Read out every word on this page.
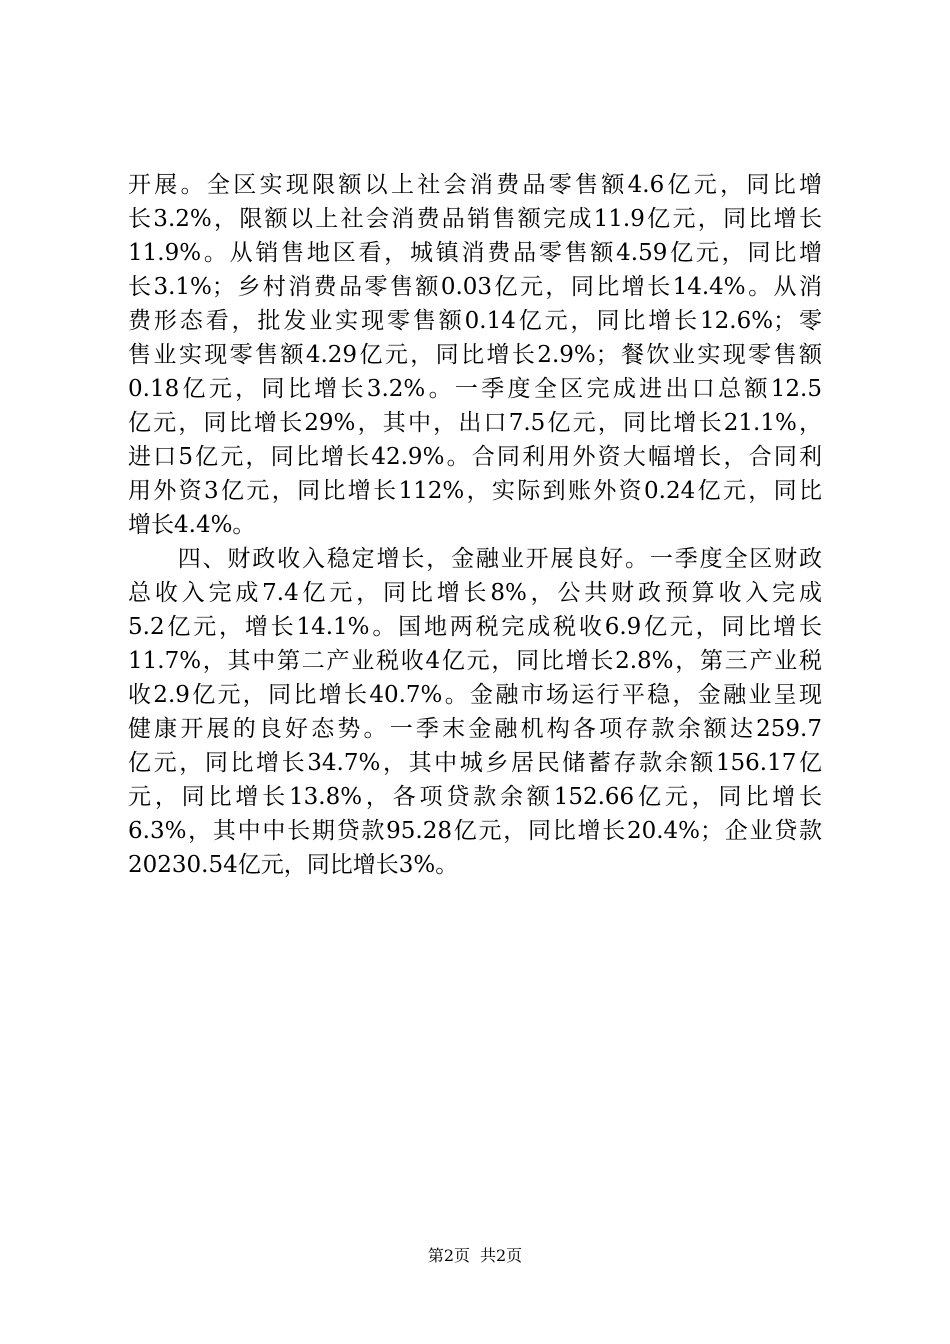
开展。全区实现限额以上社会消费品零售额4.6亿元，同比增
长3.2%，限额以上社会消费品销售额完成11.9亿元，同比增长
11.9%。从销售地区看，城镇消费品零售额4.59亿元，同比增
长3.1%；乡村消费品零售额0.03亿元，同比增长14.4%。从消
费形态看，批发业实现零售额0.14亿元，同比增长12.6%；零
售业实现零售额4.29亿元，同比增长2.9%；餐饮业实现零售额
0.18亿元，同比增长3.2%。一季度全区完成进出口总额12.5
亿元，同比增长29%，其中，出口7.5亿元，同比增长21.1%，
进口5亿元，同比增长42.9%。合同利用外资大幅增长，合同利
用外资3亿元，同比增长112%，实际到账外资0.24亿元，同比
增长4.4%。
　　四、财政收入稳定增长，金融业开展良好。一季度全区财政
总收入完成7.4亿元，同比增长8%，公共财政预算收入完成
5.2亿元，增长14.1%。国地两税完成税收6.9亿元，同比增长
11.7%，其中第二产业税收4亿元，同比增长2.8%，第三产业税
收2.9亿元，同比增长40.7%。金融市场运行平稳，金融业呈现
健康开展的良好态势。一季末金融机构各项存款余额达259.7
亿元，同比增长34.7%，其中城乡居民储蓄存款余额156.17亿
元，同比增长13.8%，各项贷款余额152.66亿元，同比增长
6.3%，其中中长期贷款95.28亿元，同比增长20.4%；企业贷款
20230.54亿元，同比增长3%。
第2页 共2页
